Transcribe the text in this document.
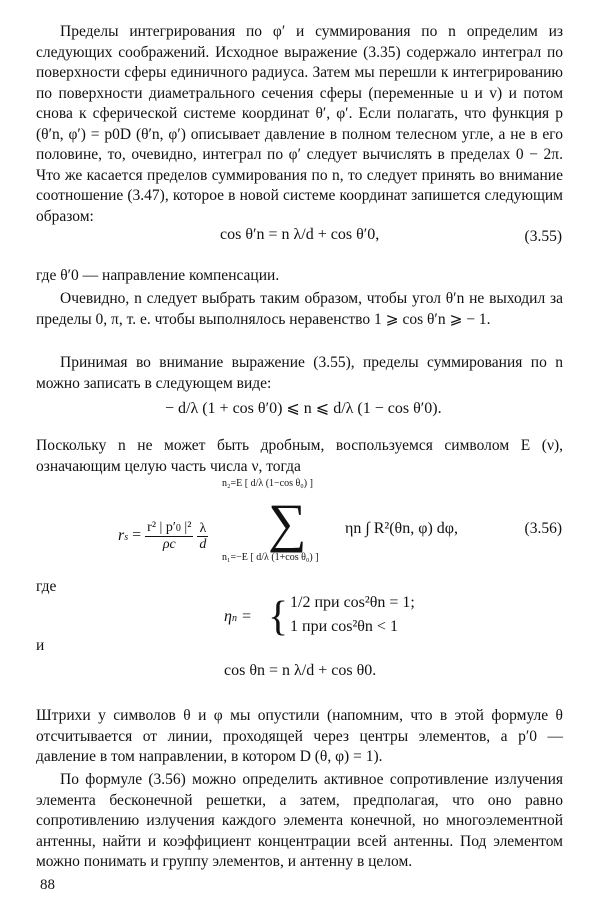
Пределы интегрирования по φ′ и суммирования по n определим из следующих соображений. Исходное выражение (3.35) содержало интеграл по поверхности сферы единичного радиуса. Затем мы перешли к интегрированию по поверхности диаметрального сечения сферы (переменные u и v) и потом снова к сферической системе координат θ′, φ′. Если полагать, что функция p (θ′n, φ′) = p0D (θ′n, φ′) описывает давление в полном телесном угле, а не в его половине, то, очевидно, интеграл по φ′ следует вычислять в пределах 0 − 2π. Что же касается пределов суммирования по n, то следует принять во внимание соотношение (3.47), которое в новой системе координат запишется следующим образом:

cos θ′n = n λ/d + cos θ′0,	(3.55)

где θ′0 — направление компенсации.

Очевидно, n следует выбрать таким образом, чтобы угол θ′n не выходил за пределы 0, π, т. е. чтобы выполнялось неравенство 1 ⩾ cos θ′n ⩾ − 1.

Принимая во внимание выражение (3.55), пределы суммирования по n можно записать в следующем виде:

− d/λ (1 + cos θ′0) ⩽ n ⩽ d/λ (1 − cos θ′0).

Поскольку n не может быть дробным, воспользуемся символом E (ν), означающим целую часть числа ν, тогда

rs = $\frac{\text{r² | p′0 |²}}{\rho c}$
$\frac{\lambda}{d}$
n₂=E [ d/λ (1−cos θ₀) ]
∑
n₁=−E [ d/λ (1+cos θ₀) ]
ηn ∫ R²(θn, φ) dφ,	(3.56)

где

ηn = { 1/2 при cos²θn = 1;
1 при cos²θn < 1

и

cos θn = n λ/d + cos θ0.

Штрихи у символов θ и φ мы опустили (напомним, что в этой формуле θ отсчитывается от линии, проходящей через центры элементов, а p′0 — давление в том направлении, в котором D (θ, φ) = 1).

По формуле (3.56) можно определить активное сопротивление излучения элемента бесконечной решетки, а затем, предполагая, что оно равно сопротивлению излучения каждого элемента конечной, но многоэлементной антенны, найти и коэффициент концентрации всей антенны. Под элементом можно понимать и группу элементов, и антенну в целом.

88
